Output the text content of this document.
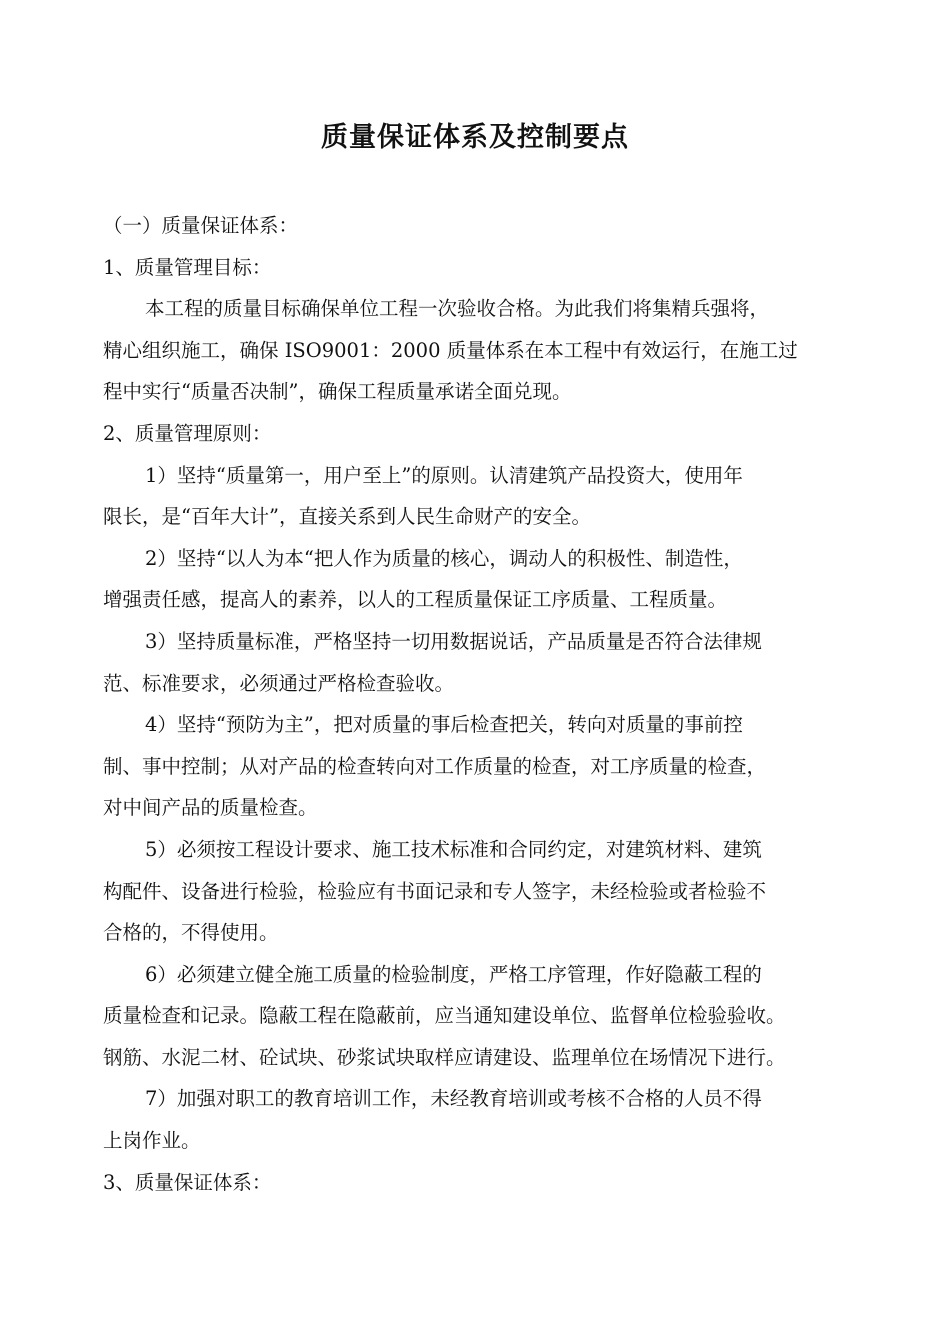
质量保证体系及控制要点
（一）质量保证体系：
1、质量管理目标：
本工程的质量目标确保单位工程一次验收合格。为此我们将集精兵强将，
精心组织施工，确保 ISO9001：2000 质量体系在本工程中有效运行，在施工过
程中实行“质量否决制”，确保工程质量承诺全面兑现。
2、质量管理原则：
1）坚持“质量第一，用户至上”的原则。认清建筑产品投资大，使用年
限长，是“百年大计”，直接关系到人民生命财产的安全。
2）坚持“以人为本“把人作为质量的核心，调动人的积极性、制造性，
增强责任感，提高人的素养，以人的工程质量保证工序质量、工程质量。
3）坚持质量标准，严格坚持一切用数据说话，产品质量是否符合法律规
范、标准要求，必须通过严格检查验收。
4）坚持“预防为主”，把对质量的事后检查把关，转向对质量的事前控
制、事中控制；从对产品的检查转向对工作质量的检查，对工序质量的检查，
对中间产品的质量检查。
5）必须按工程设计要求、施工技术标准和合同约定，对建筑材料、建筑
构配件、设备进行检验，检验应有书面记录和专人签字，未经检验或者检验不
合格的，不得使用。
6）必须建立健全施工质量的检验制度，严格工序管理，作好隐蔽工程的
质量检查和记录。隐蔽工程在隐蔽前，应当通知建设单位、监督单位检验验收。
钢筋、水泥二材、砼试块、砂浆试块取样应请建设、监理单位在场情况下进行。
7）加强对职工的教育培训工作，未经教育培训或考核不合格的人员不得
上岗作业。
3、质量保证体系：
